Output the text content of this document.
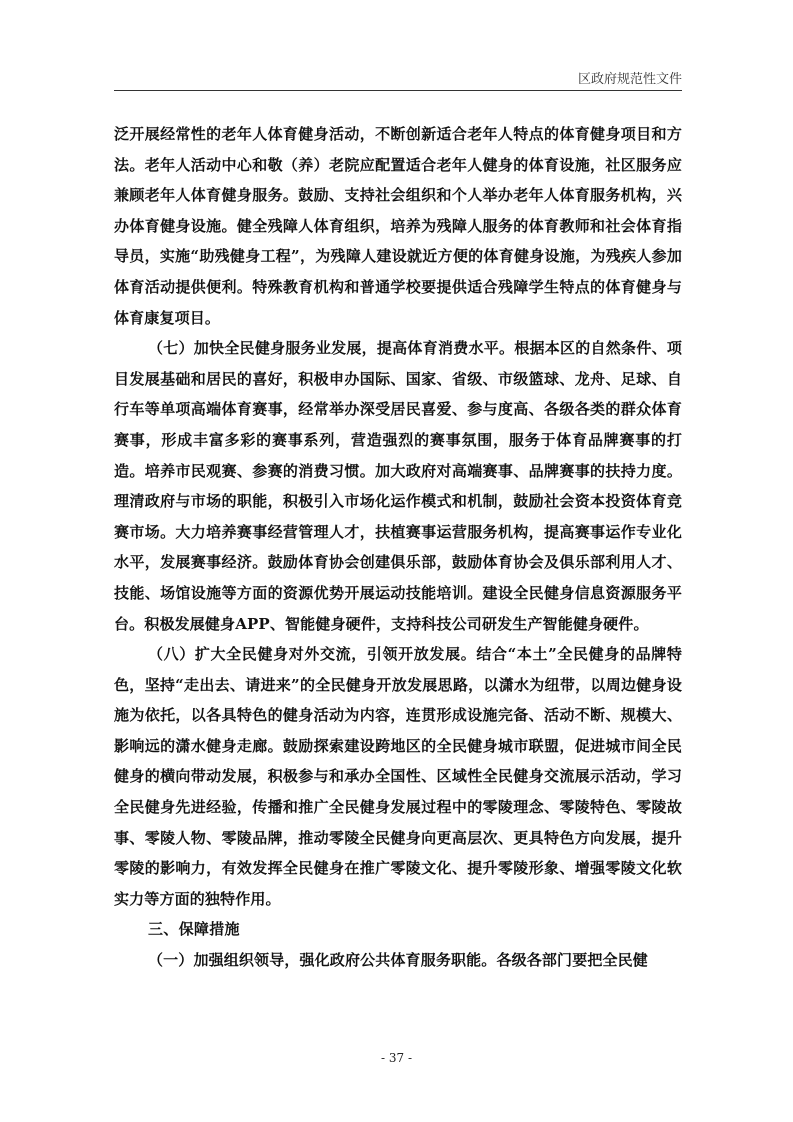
区政府规范性文件

泛开展经常性的老年人体育健身活动，不断创新适合老年人特点的体育健身项目和方法。老年人活动中心和敬（养）老院应配置适合老年人健身的体育设施，社区服务应兼顾老年人体育健身服务。鼓励、支持社会组织和个人举办老年人体育服务机构，兴办体育健身设施。健全残障人体育组织，培养为残障人服务的体育教师和社会体育指导员，实施“助残健身工程”，为残障人建设就近方便的体育健身设施，为残疾人参加体育活动提供便利。特殊教育机构和普通学校要提供适合残障学生特点的体育健身与体育康复项目。

（七）加快全民健身服务业发展，提高体育消费水平。根据本区的自然条件、项目发展基础和居民的喜好，积极申办国际、国家、省级、市级篮球、龙舟、足球、自行车等单项高端体育赛事，经常举办深受居民喜爱、参与度高、各级各类的群众体育赛事，形成丰富多彩的赛事系列，营造强烈的赛事氛围，服务于体育品牌赛事的打造。培养市民观赛、参赛的消费习惯。加大政府对高端赛事、品牌赛事的扶持力度。理清政府与市场的职能，积极引入市场化运作模式和机制，鼓励社会资本投资体育竞赛市场。大力培养赛事经营管理人才，扶植赛事运营服务机构，提高赛事运作专业化水平，发展赛事经济。鼓励体育协会创建俱乐部，鼓励体育协会及俱乐部利用人才、技能、场馆设施等方面的资源优势开展运动技能培训。建设全民健身信息资源服务平台。积极发展健身APP、智能健身硬件，支持科技公司研发生产智能健身硬件。

（八）扩大全民健身对外交流，引领开放发展。结合“本土”全民健身的品牌特色，坚持“走出去、请进来”的全民健身开放发展思路，以潇水为纽带，以周边健身设施为依托，以各具特色的健身活动为内容，连贯形成设施完备、活动不断、规模大、影响远的潇水健身走廊。鼓励探索建设跨地区的全民健身城市联盟，促进城市间全民健身的横向带动发展，积极参与和承办全国性、区域性全民健身交流展示活动，学习全民健身先进经验，传播和推广全民健身发展过程中的零陵理念、零陵特色、零陵故事、零陵人物、零陵品牌，推动零陵全民健身向更高层次、更具特色方向发展，提升零陵的影响力，有效发挥全民健身在推广零陵文化、提升零陵形象、增强零陵文化软实力等方面的独特作用。

三、保障措施

（一）加强组织领导，强化政府公共体育服务职能。各级各部门要把全民健

- 37 -
